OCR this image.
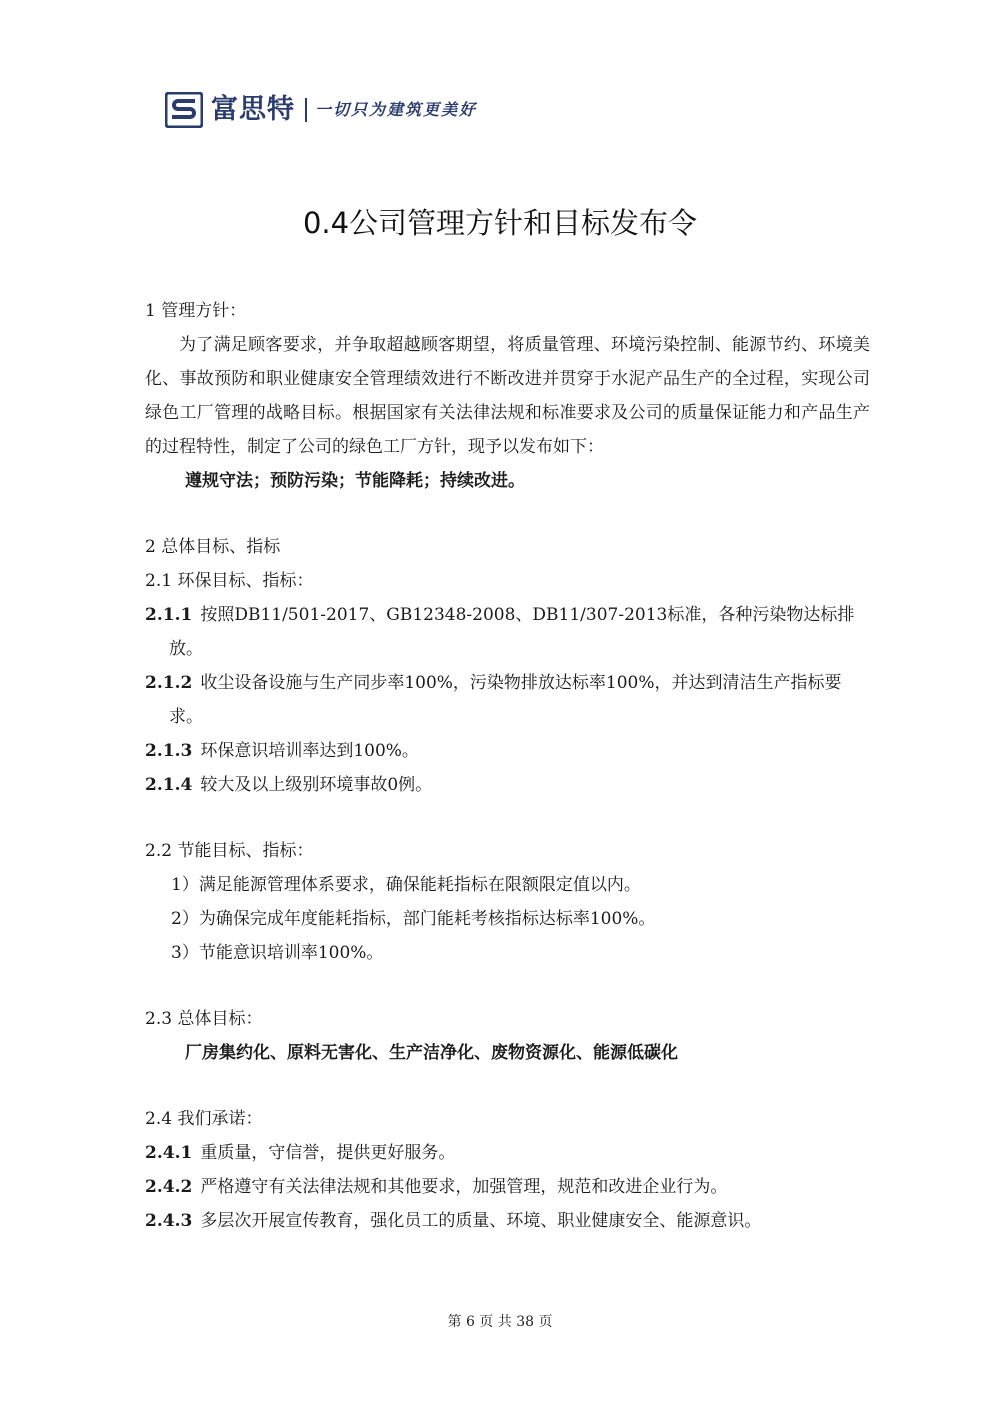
富思特 一切只为建筑更美好
0.4公司管理方针和目标发布令
1 管理方针：

为了满足顾客要求，并争取超越顾客期望，将质量管理、环境污染控制、能源节约、环境美化、事故预防和职业健康安全管理绩效进行不断改进并贯穿于水泥产品生产的全过程，实现公司绿色工厂管理的战略目标。根据国家有关法律法规和标准要求及公司的质量保证能力和产品生产的过程特性，制定了公司的绿色工厂方针，现予以发布如下：

遵规守法；预防污染；节能降耗；持续改进。
2 总体目标、指标
2.1 环保目标、指标：
2.1.1 按照DB11/501-2017、GB12348-2008、DB11/307-2013标准，各种污染物达标排放。
2.1.2 收尘设备设施与生产同步率100%，污染物排放达标率100%，并达到清洁生产指标要求。
2.1.3 环保意识培训率达到100%。
2.1.4 较大及以上级别环境事故0例。
2.2 节能目标、指标：
1）满足能源管理体系要求，确保能耗指标在限额限定值以内。
2）为确保完成年度能耗指标，部门能耗考核指标达标率100%。
3）节能意识培训率100%。
2.3 总体目标：
厂房集约化、原料无害化、生产洁净化、废物资源化、能源低碳化
2.4 我们承诺：
2.4.1 重质量，守信誉，提供更好服务。
2.4.2 严格遵守有关法律法规和其他要求，加强管理，规范和改进企业行为。
2.4.3 多层次开展宣传教育，强化员工的质量、环境、职业健康安全、能源意识。
第 6 页 共 38 页
